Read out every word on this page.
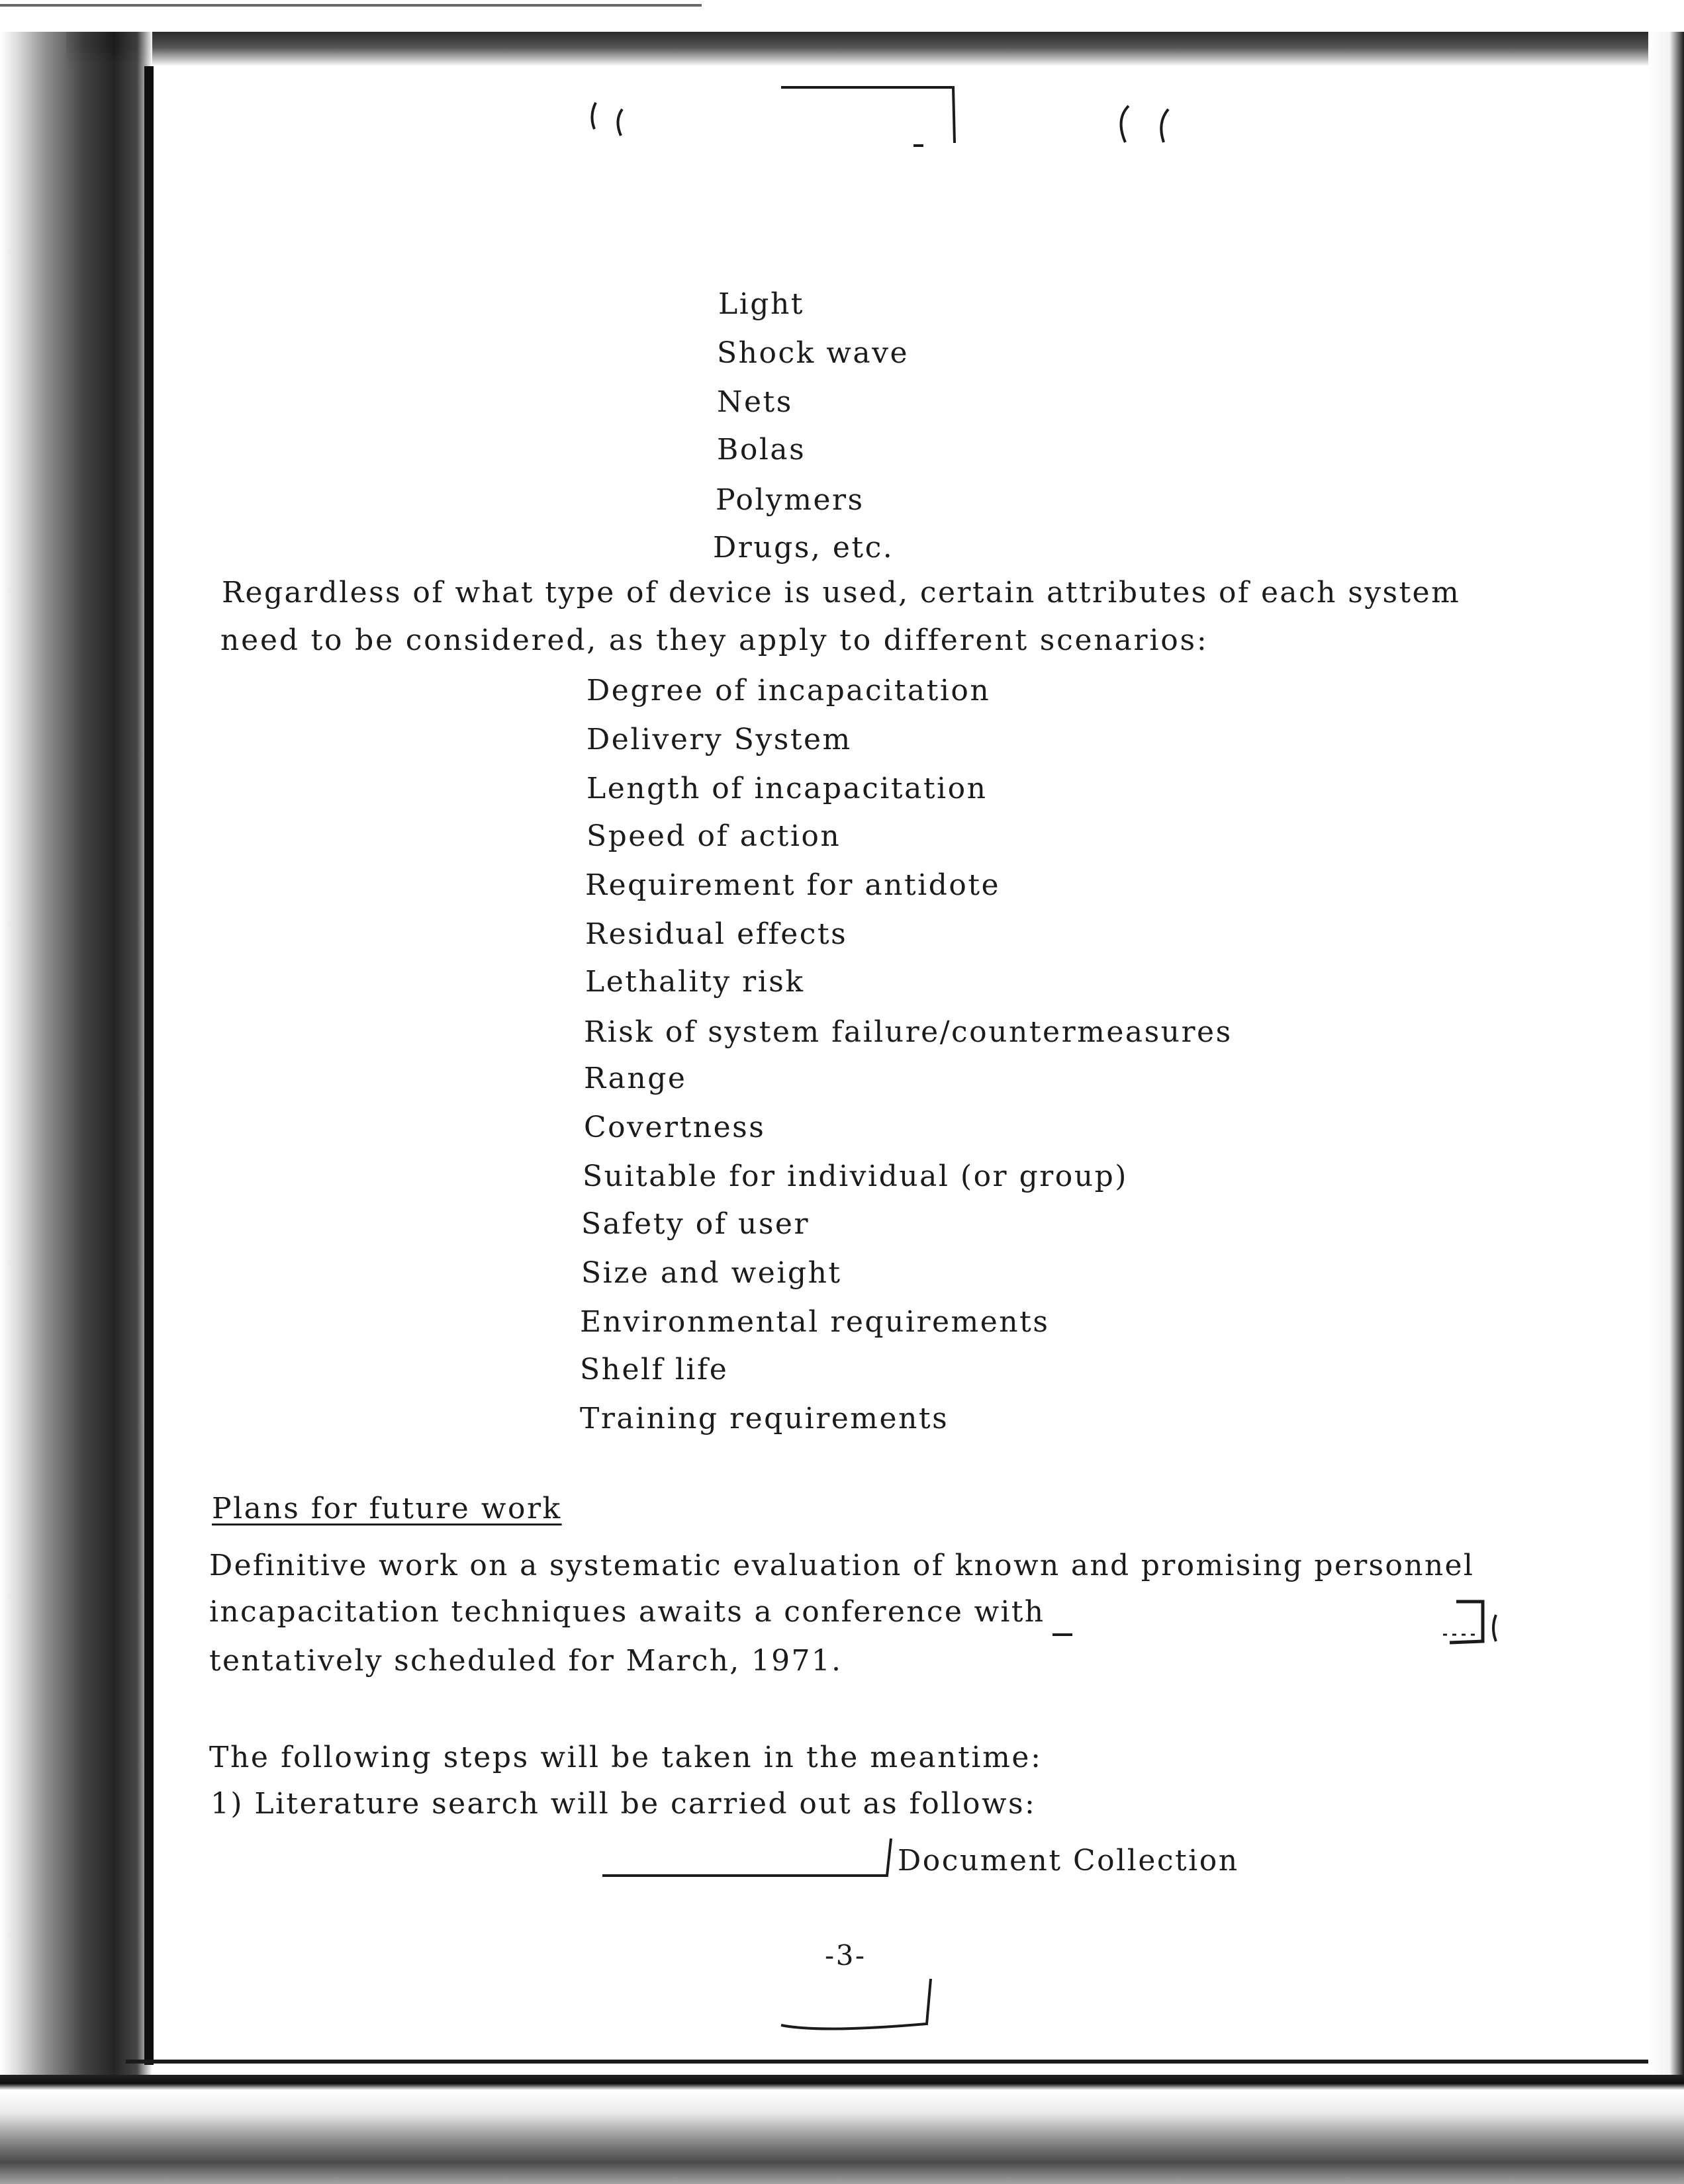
Light
Shock wave
Nets
Bolas
Polymers
Drugs, etc.
Regardless of what type of device is used, certain attributes of each system
need to be considered, as they apply to different scenarios:
Degree of incapacitation
Delivery System
Length of incapacitation
Speed of action
Requirement for antidote
Residual effects
Lethality risk
Risk of system failure/countermeasures
Range
Covertness
Suitable for individual (or group)
Safety of user
Size and weight
Environmental requirements
Shelf life
Training requirements
Plans for future work
Definitive work on a systematic evaluation of known and promising personnel
incapacitation techniques awaits a conference with
tentatively scheduled for March, 1971.
The following steps will be taken in the meantime:
1) Literature search will be carried out as follows:
Document Collection
-3-
